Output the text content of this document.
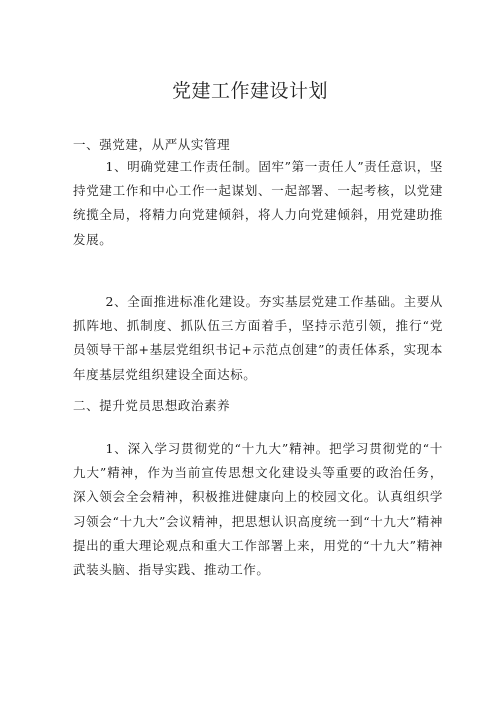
党建工作建设计划
一、强党建，从严从实管理

1、明确党建工作责任制。固牢”第一责任人”责任意识，坚持党建工作和中心工作一起谋划、一起部署、一起考核，以党建统揽全局，将精力向党建倾斜，将人力向党建倾斜，用党建助推发展。

2、全面推进标准化建设。夯实基层党建工作基础。主要从抓阵地、抓制度、抓队伍三方面着手，坚持示范引领，推行“党员领导干部+基层党组织书记+示范点创建”的责任体系，实现本年度基层党组织建设全面达标。

二、提升党员思想政治素养

1、深入学习贯彻党的“十九大”精神。把学习贯彻党的“十九大”精神，作为当前宣传思想文化建设头等重要的政治任务，深入领会全会精神，积极推进健康向上的校园文化。认真组织学习领会“十九大”会议精神，把思想认识高度统一到“十九大”精神提出的重大理论观点和重大工作部署上来，用党的“十九大”精神武装头脑、指导实践、推动工作。
